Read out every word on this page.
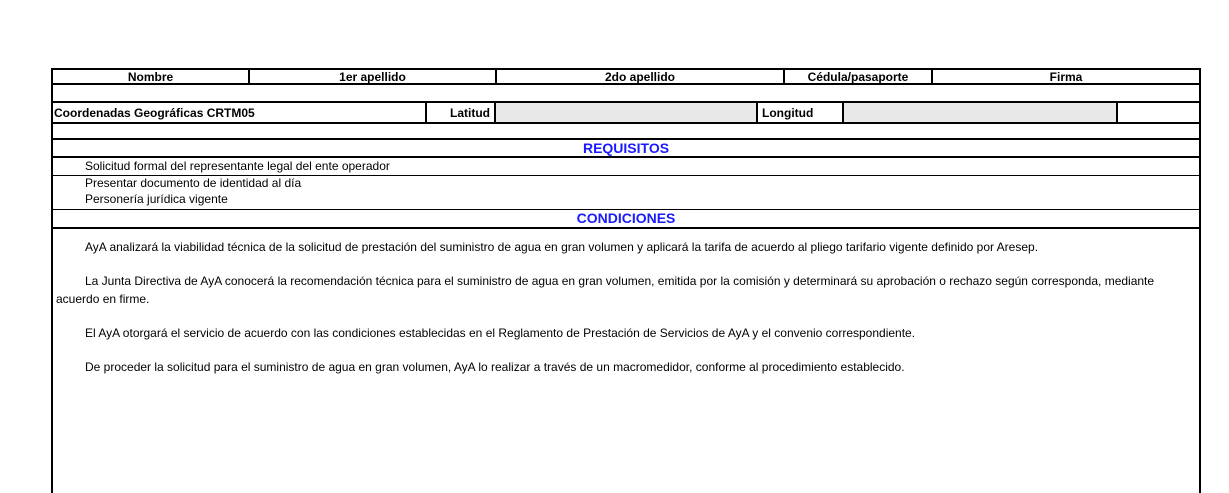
Nombre	1er apellido	2do apellido	Cédula/pasaporte	Firma
Coordenadas Geográficas CRTM05	Latitud	Longitud
REQUISITOS
Solicitud formal del representante legal del ente operador
Presentar documento de identidad al día
Personería jurídica vigente
CONDICIONES

AyA analizará la viabilidad técnica de la solicitud de prestación del suministro de agua en gran volumen y aplicará la tarifa de acuerdo al pliego tarifario vigente definido por Aresep.

La Junta Directiva de AyA conocerá la recomendación técnica para el suministro de agua en gran volumen, emitida por la comisión y determinará su aprobación o rechazo según corresponda, mediante acuerdo en firme.

El AyA otorgará el servicio de acuerdo con las condiciones establecidas en el Reglamento de Prestación de Servicios de AyA y el convenio correspondiente.

De proceder la solicitud para el suministro de agua en gran volumen, AyA lo realizar a través de un macromedidor, conforme al procedimiento establecido.
